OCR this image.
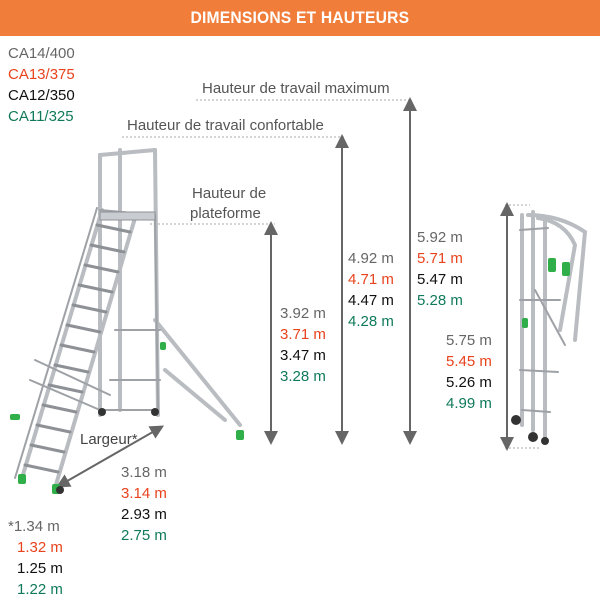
DIMENSIONS ET HAUTEURS
CA14/400
CA13/375
CA12/350
CA11/325
Hauteur de travail maximum
Hauteur de travail confortable
Hauteur de
plateforme
Largeur*
3.92 m
3.71 m
3.47 m
3.28 m
4.92 m
4.71 m
4.47 m
4.28 m
5.92 m
5.71 m
5.47 m
5.28 m
5.75 m
5.45 m
5.26 m
4.99 m
3.18 m
3.14 m
2.93 m
2.75 m
*1.34 m
1.32 m
1.25 m
1.22 m
